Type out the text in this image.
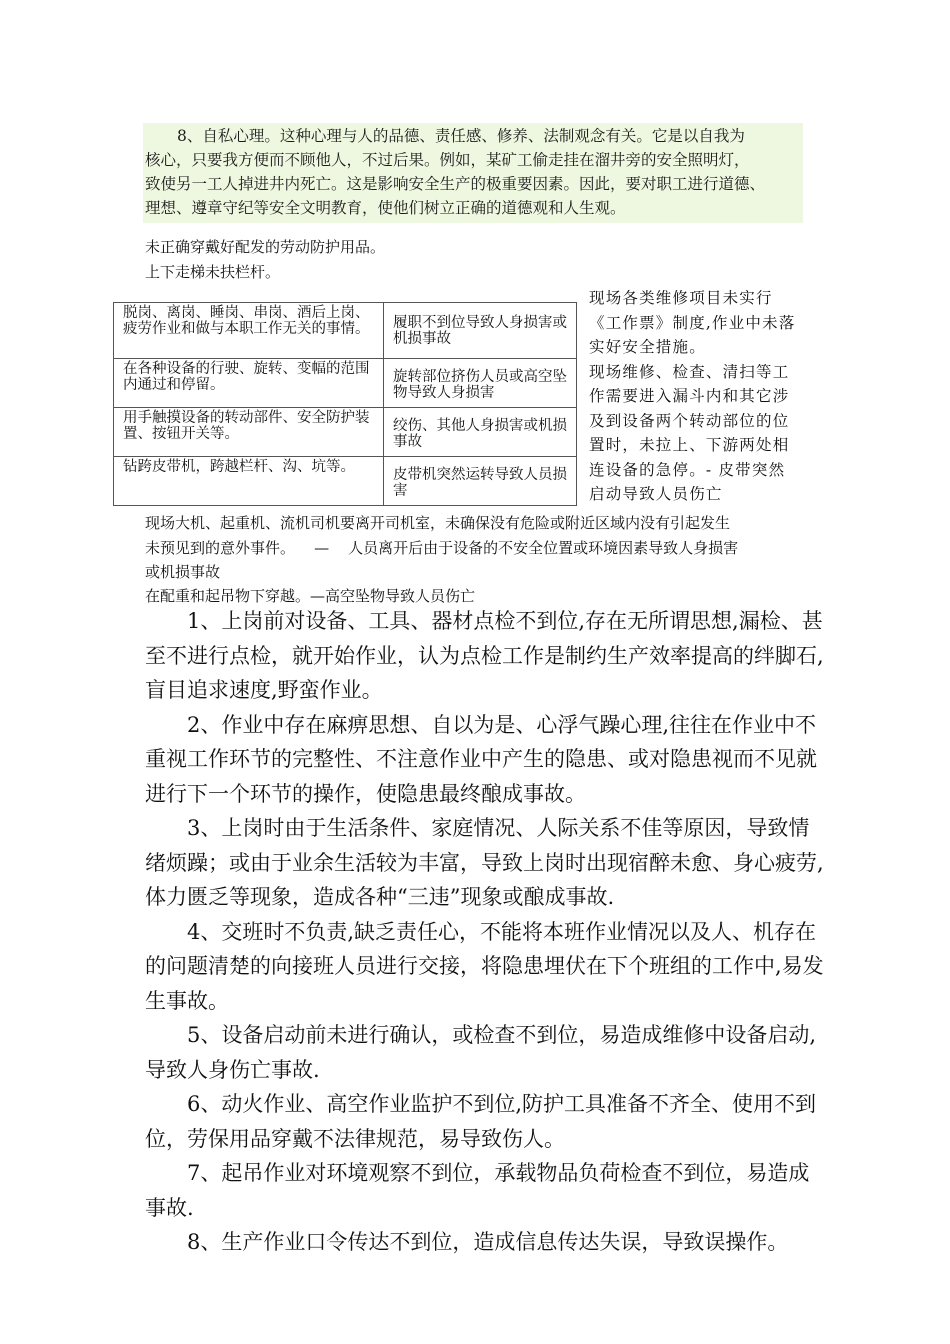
8、自私心理。这种心理与人的品德、责任感、修养、法制观念有关。它是以自我为
核心，只要我方便而不顾他人，不过后果。例如，某矿工偷走挂在溜井旁的安全照明灯，
致使另一工人掉进井内死亡。这是影响安全生产的极重要因素。因此，要对职工进行道德、
理想、遵章守纪等安全文明教育，使他们树立正确的道德观和人生观。

未正确穿戴好配发的劳动防护用品。

上下走梯未扶栏杆。

脱岗、离岗、睡岗、串岗、酒后上岗、疲劳作业和做与本职工作无关的事情。	履职不到位导致人身损害或机损事故
在各种设备的行驶、旋转、变幅的范围内通过和停留。	旋转部位挤伤人员或高空坠物导致人身损害
用手触摸设备的转动部件、安全防护装置、按钮开关等。	绞伤、其他人身损害或机损事故
钻跨皮带机，跨越栏杆、沟、坑等。	皮带机突然运转导致人员损害
现场各类维修项目未实行
《工作票》制度,作业中未落
实好安全措施。
现场维修、检查、清扫等工
作需要进入漏斗内和其它涉
及到设备两个转动部位的位
置时，未拉上、下游两处相
连设备的急停。- 皮带突然
启动导致人员伤亡

现场大机、起重机、流机司机要离开司机室，未确保没有危险或附近区域内没有引起发生

未预见到的意外事件。    —    人员离开后由于设备的不安全位置或环境因素导致人身损害

或机损事故

在配重和起吊物下穿越。—高空坠物导致人员伤亡

1、上岗前对设备、工具、器材点检不到位,存在无所谓思想,漏检、甚至不进行点检，就开始作业，认为点检工作是制约生产效率提高的绊脚石,盲目追求速度,野蛮作业。

2、作业中存在麻痹思想、自以为是、心浮气躁心理,往往在作业中不重视工作环节的完整性、不注意作业中产生的隐患、或对隐患视而不见就进行下一个环节的操作，使隐患最终酿成事故。

3、上岗时由于生活条件、家庭情况、人际关系不佳等原因，导致情绪烦躁；或由于业余生活较为丰富，导致上岗时出现宿醉未愈、身心疲劳,体力匮乏等现象，造成各种“三违”现象或酿成事故.

4、交班时不负责,缺乏责任心，不能将本班作业情况以及人、机存在的问题清楚的向接班人员进行交接，将隐患埋伏在下个班组的工作中,易发生事故。

5、设备启动前未进行确认，或检查不到位，易造成维修中设备启动,导致人身伤亡事故.

6、动火作业、高空作业监护不到位,防护工具准备不齐全、使用不到位，劳保用品穿戴不法律规范，易导致伤人。

7、起吊作业对环境观察不到位，承载物品负荷检查不到位，易造成事故.

8、生产作业口令传达不到位，造成信息传达失误，导致误操作。
